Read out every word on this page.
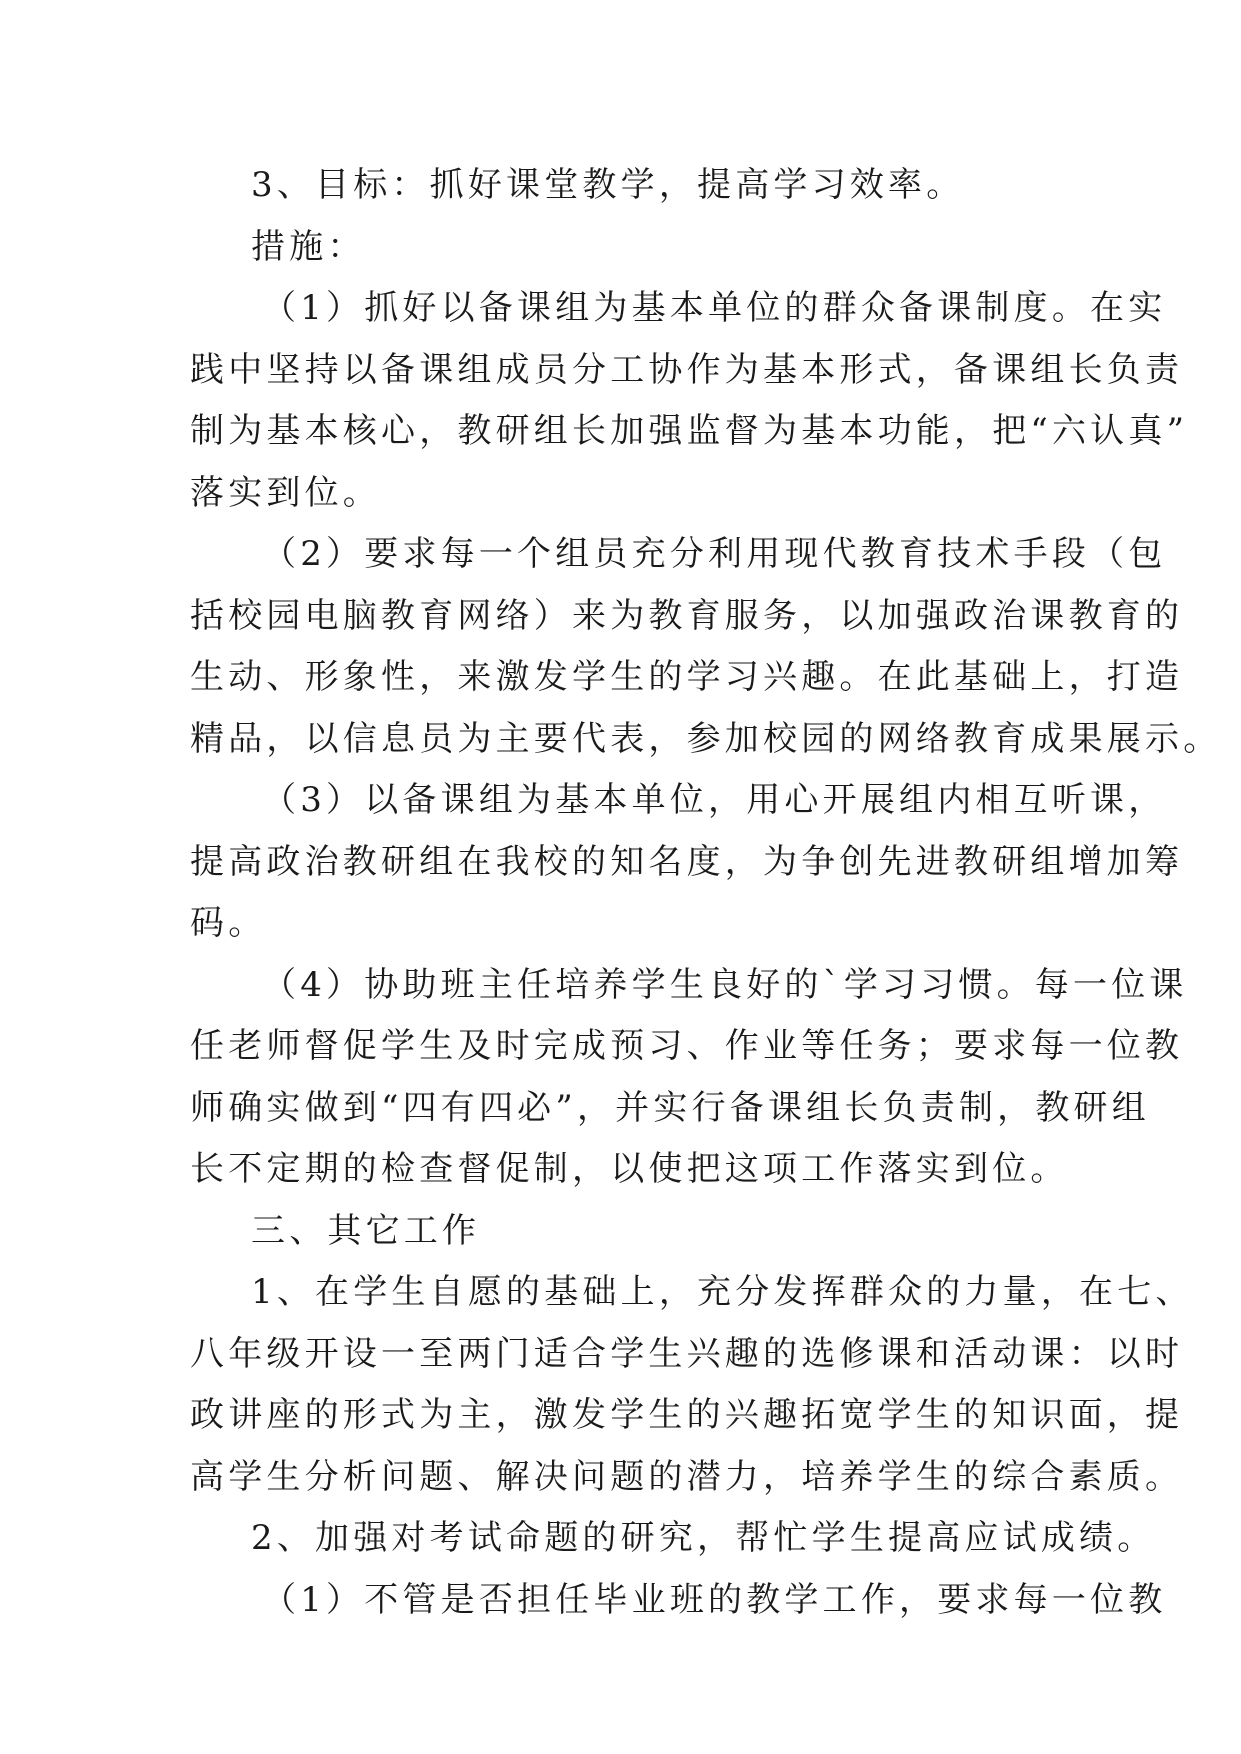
3、目标：抓好课堂教学，提高学习效率。
措施：
（1）抓好以备课组为基本单位的群众备课制度。在实
践中坚持以备课组成员分工协作为基本形式，备课组长负责
制为基本核心，教研组长加强监督为基本功能，把“六认真”
落实到位。
（2）要求每一个组员充分利用现代教育技术手段（包
括校园电脑教育网络）来为教育服务，以加强政治课教育的
生动、形象性，来激发学生的学习兴趣。在此基础上，打造
精品，以信息员为主要代表，参加校园的网络教育成果展示。
（3）以备课组为基本单位，用心开展组内相互听课，
提高政治教研组在我校的知名度，为争创先进教研组增加筹
码。
（4）协助班主任培养学生良好的`学习习惯。每一位课
任老师督促学生及时完成预习、作业等任务；要求每一位教
师确实做到“四有四必”，并实行备课组长负责制，教研组
长不定期的检查督促制，以使把这项工作落实到位。
三、其它工作
1、在学生自愿的基础上，充分发挥群众的力量，在七、
八年级开设一至两门适合学生兴趣的选修课和活动课：以时
政讲座的形式为主，激发学生的兴趣拓宽学生的知识面，提
高学生分析问题、解决问题的潜力，培养学生的综合素质。
2、加强对考试命题的研究，帮忙学生提高应试成绩。
（1）不管是否担任毕业班的教学工作，要求每一位教
